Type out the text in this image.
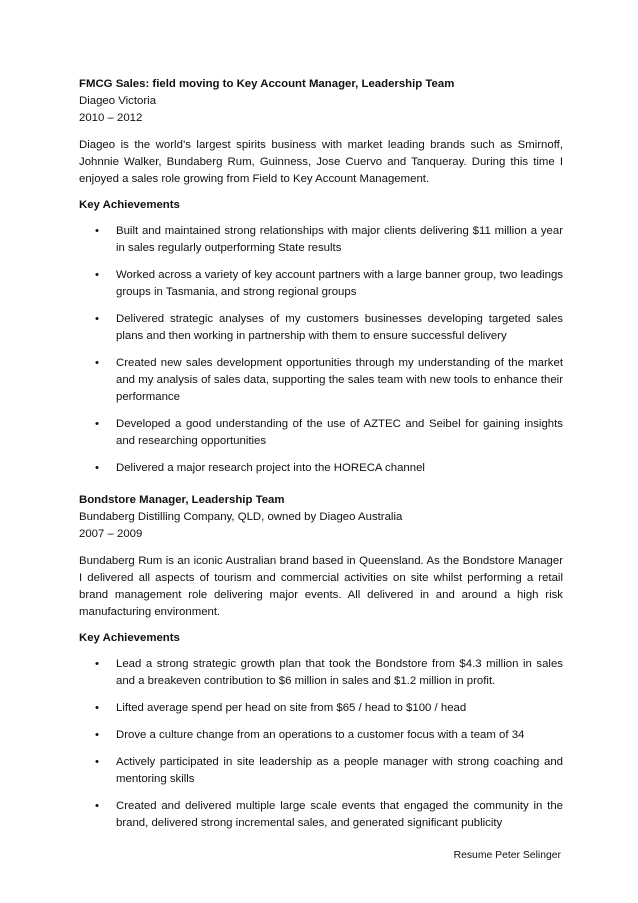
FMCG Sales: field moving to Key Account Manager, Leadership Team
Diageo Victoria
2010 – 2012
Diageo is the world’s largest spirits business with market leading brands such as Smirnoff, Johnnie Walker, Bundaberg Rum, Guinness, Jose Cuervo and Tanqueray. During this time I enjoyed a sales role growing from Field to Key Account Management.
Key Achievements
• Built and maintained strong relationships with major clients delivering $11 million a year in sales regularly outperforming State results
• Worked across a variety of key account partners with a large banner group, two leadings groups in Tasmania, and strong regional groups
• Delivered strategic analyses of my customers businesses developing targeted sales plans and then working in partnership with them to ensure successful delivery
• Created new sales development opportunities through my understanding of the market and my analysis of sales data, supporting the sales team with new tools to enhance their performance
• Developed a good understanding of the use of AZTEC and Seibel for gaining insights and researching opportunities
• Delivered a major research project into the HORECA channel
Bondstore Manager, Leadership Team
Bundaberg Distilling Company, QLD, owned by Diageo Australia
2007 – 2009
Bundaberg Rum is an iconic Australian brand based in Queensland. As the Bondstore Manager I delivered all aspects of tourism and commercial activities on site whilst performing a retail brand management role delivering major events. All delivered in and around a high risk manufacturing environment.
Key Achievements
• Lead a strong strategic growth plan that took the Bondstore from $4.3 million in sales and a breakeven contribution to $6 million in sales and $1.2 million in profit.
• Lifted average spend per head on site from $65 / head to $100 / head
• Drove a culture change from an operations to a customer focus with a team of 34
• Actively participated in site leadership as a people manager with strong coaching and mentoring skills
• Created and delivered multiple large scale events that engaged the community in the brand, delivered strong incremental sales, and generated significant publicity
Resume Peter Selinger
